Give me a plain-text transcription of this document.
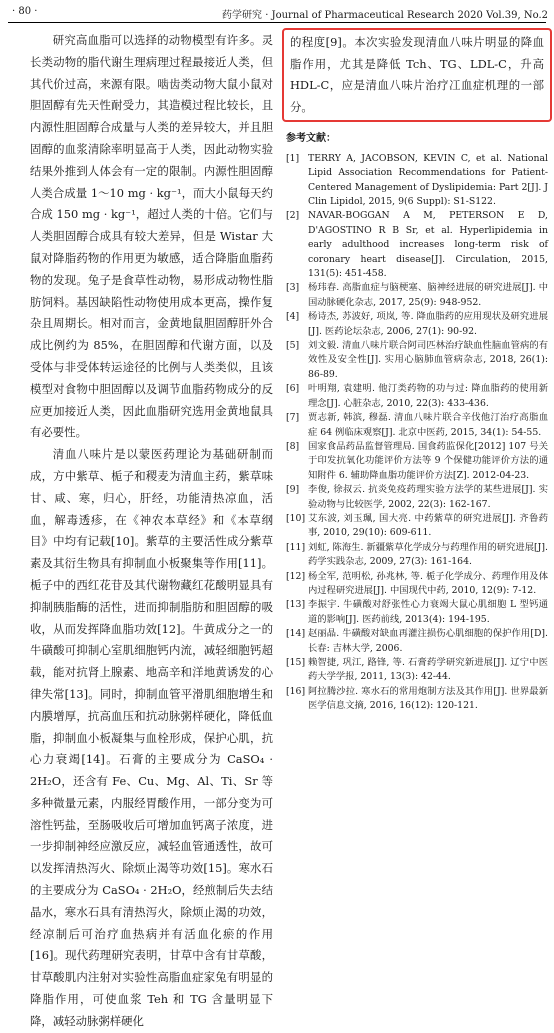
· 80 ·	药学研究 · Journal of Pharmaceutical Research 2020 Vol.39, No.2

研究高血脂可以选择的动物模型有许多。灵长类动物的脂代谢生理病理过程最接近人类，但其代价过高，来源有限。啮齿类动物大鼠小鼠对胆固醇有先天性耐受力，其造模过程比较长，且内源性胆固醇合成量与人类的差异较大，并且胆固醇的血浆清除率明显高于人类，因此动物实验结果外推到人体会有一定的限制。内源性胆固醇人类合成量 1～10 mg · kg⁻¹，而大小鼠每天约合成 150 mg · kg⁻¹，超过人类的十倍。它们与人类胆固醇合成具有较大差异，但是 Wistar 大鼠对降脂药物的作用更为敏感，适合降脂血脂药物的发现。兔子是食草性动物，易形成动物性脂肪饲料。基因缺陷性动物使用成本更高，操作复杂且周期长。相对而言，金黄地鼠胆固醇肝外合成比例约为 85%，在胆固醇和代谢方面，以及受体与非受体转运途径的比例与人类类似，且该模型对食物中胆固醇以及调节血脂药物成分的反应更加接近人类，因此血脂研究选用金黄地鼠具有必要性。

清血八味片是以蒙医药理论为基础研制而成，方中紫草、栀子和稷麦为清血主药，紫草味甘、咸、寒，归心，肝经，功能清热凉血，活血，解毒透疹，在《神农本草经》和《本草纲目》中均有记载[10]。紫草的主要活性成分紫草素及其衍生物具有抑制血小板聚集等作用[11]。栀子中的西红花苷及其代谢物藏红花酸明显具有抑制胰脂酶的活性，进而抑制脂肪和胆固醇的吸收，从而发挥降血脂功效[12]。牛黄成分之一的牛磺酸可抑制心室肌细胞钙内流，减轻细胞钙超载，能对抗肾上腺素、地高辛和洋地黄诱发的心律失常[13]。同时，抑制血管平滑肌细胞增生和内膜增厚，抗高血压和抗动脉粥样硬化，降低血脂，抑制血小板凝集与血栓形成，保护心肌，抗心力衰竭[14]。石膏的主要成分为 CaSO₄ · 2H₂O，还含有 Fe、Cu、Mg、Al、Ti、Sr 等多种微量元素，内服经胃酸作用，一部分变为可溶性钙盐，至肠吸收后可增加血钙离子浓度，进一步抑制神经应激反应，减轻血管通透性，故可以发挥清热泻火、除烦止渴等功效[15]。寒水石的主要成分为 CaSO₄ · 2H₂O，经煎制后失去结晶水，寒水石具有清热泻火，除烦止渴的功效，经凉制后可治疗血热病并有活血化瘀的作用[16]。现代药理研究表明，甘草中含有甘草酸，甘草酸肌内注射对实验性高脂血症家兔有明显的降脂作用，可使血浆 Teh 和 TG 含量明显下降，减轻动脉粥样硬化

的程度[9]。本次实验发现清血八味片明显的降血脂作用，尤其是降低 Tch、TG、LDL-C，升高 HDL-C，应是清血八味片治疗冮血症机理的一部分。
参考文献：
[1] TERRY A, JACOBSON, KEVIN C, et al. National Lipid Association Recommendations for Patient-Centered Management of Dyslipidemia: Part 2[J]. J Clin Lipidol, 2015, 9(6 Suppl): S1-S122.
[2] NAVAR-BOGGAN A M, PETERSON E D, D'AGOSTINO R B Sr, et al. Hyperlipidemia in early adulthood increases long-term risk of coronary heart disease[J]. Circulation, 2015, 131(5): 451-458.
[3] 杨玮春. 高脂血症与脑梗塞、脑神经进展的研究进展[J]. 中国动脉硬化杂志, 2017, 25(9): 948-952.
[4] 杨诗杰, 苏波好, 项岚, 等. 降血脂药的应用现状及研究进展[J]. 医药论坛杂志, 2006, 27(1): 90-92.
[5] 刘文毅. 清血八味片联合阿司匹林治疗缺血性脑血管病的有效性及安全性[J]. 实用心脑肺血管病杂志, 2018, 26(1): 86-89.
[6] 叶明翔, 袁建明. 他汀类药物的功与过: 降血脂药的使用新理念[J]. 心脏杂志, 2010, 22(3): 433-436.
[7] 贾志新, 韩滨, 穆磊. 清血八味片联合辛伐他汀治疗高脂血症 64 例临床观察[J]. 北京中医药, 2015, 34(1): 54-55.
[8] 国家食品药品监督管理局. 国食药监保化[2012] 107 号关于印发抗氧化功能评价方法等 9 个保健功能评价方法的通知附件 6. 辅助降血脂功能评价方法[Z]. 2012-04-23.
[9] 李俊, 徐叔云. 抗炎免疫药理实验方法学的某些进展[J]. 实验动物与比较医学, 2002, 22(3): 162-167.
[10] 艾东波, 刘玉珮, 国大亮. 中药紫草的研究进展[J]. 齐鲁药事, 2010, 29(10): 609-611.
[11] 刘虹, 陈海生. 新疆紫草化学成分与药理作用的研究进展[J]. 药学实践杂志, 2009, 27(3): 161-164.
[12] 杨全军, 范明松, 孙兆林, 等. 栀子化学成分、药理作用及体内过程研究进展[J]. 中国现代中药, 2010, 12(9): 7-12.
[13] 李振宇. 牛磺酸对舒张性心力衰竭大鼠心肌细胞 L 型钙通道的影响[J]. 医药前线, 2013(4): 194-195.
[14] 赵丽晶. 牛磺酸对缺血再灌注损伤心肌细胞的保护作用[D]. 长春: 吉林大学, 2006.
[15] 赖智捷, 巩江, 路锋, 等. 石膏药学研究新进展[J]. 辽宁中医药大学学报, 2011, 13(3): 42-44.
[16] 阿拉腾沙拉. 寒水石的常用炮制方法及其作用[J]. 世界最新医学信息文摘, 2016, 16(12): 120-121.
